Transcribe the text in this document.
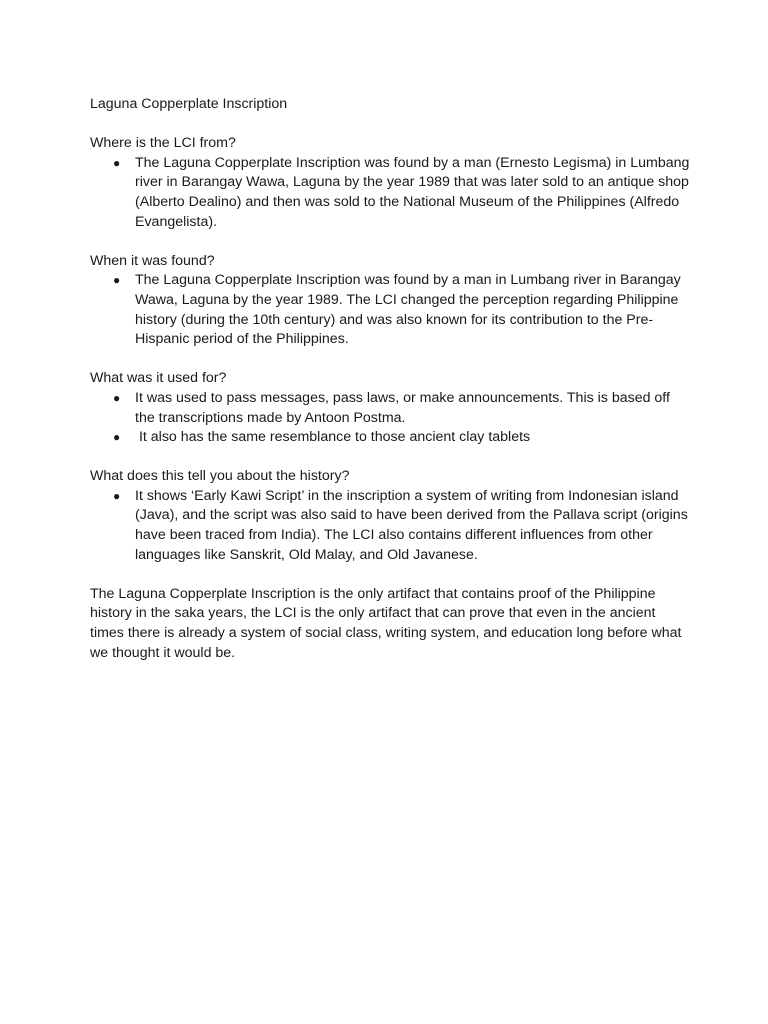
Laguna Copperplate Inscription

Where is the LCI from?

● The Laguna Copperplate Inscription was found by a man (Ernesto Legisma) in Lumbang river in Barangay Wawa, Laguna by the year 1989 that was later sold to an antique shop (Alberto Dealino) and then was sold to the National Museum of the Philippines (Alfredo Evangelista).

When it was found?

● The Laguna Copperplate Inscription was found by a man in Lumbang river in Barangay Wawa, Laguna by the year 1989. The LCI changed the perception regarding Philippine history (during the 10th century) and was also known for its contribution to the Pre-Hispanic period of the Philippines.

What was it used for?

● It was used to pass messages, pass laws, or make announcements. This is based off the transcriptions made by Antoon Postma.
● It also has the same resemblance to those ancient clay tablets

What does this tell you about the history?

● It shows ‘Early Kawi Script’ in the inscription a system of writing from Indonesian island (Java), and the script was also said to have been derived from the Pallava script (origins have been traced from India). The LCI also contains different influences from other languages like Sanskrit, Old Malay, and Old Javanese.

The Laguna Copperplate Inscription is the only artifact that contains proof of the Philippine history in the saka years, the LCI is the only artifact that can prove that even in the ancient times there is already a system of social class, writing system, and education long before what we thought it would be.
